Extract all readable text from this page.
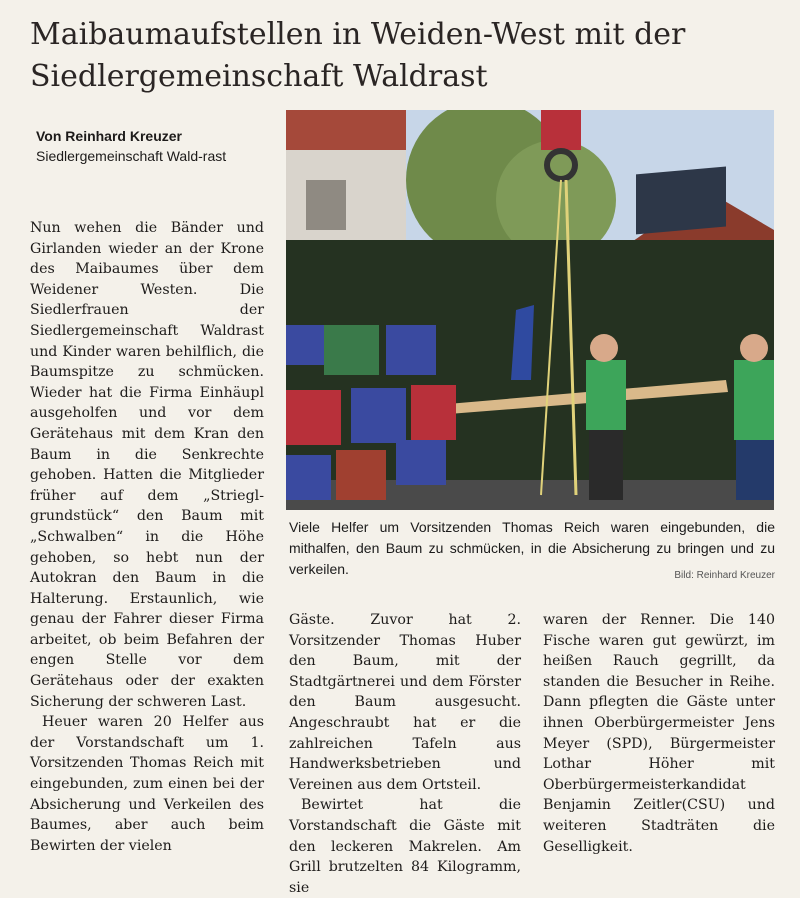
Maibaumaufstellen in Weiden-West mit der Siedlergemeinschaft Waldrast
Von Reinhard Kreuzer
Siedlergemeinschaft Wald-rast

Nun wehen die Bänder und Girlanden wieder an der Krone des Maibaumes über dem Weidener Westen. Die Siedlerfrauen der Siedlergemeinschaft Waldrast und Kinder waren behilflich, die Baumspitze zu schmücken. Wieder hat die Firma Einhäupl ausgeholfen und vor dem Gerätehaus mit dem Kran den Baum in die Senkrechte gehoben. Hatten die Mitglieder früher auf dem „Striegl-grundstück“ den Baum mit „Schwalben“ in die Höhe gehoben, so hebt nun der Autokran den Baum in die Halterung. Erstaunlich, wie genau der Fahrer dieser Firma arbeitet, ob beim Befahren der engen Stelle vor dem Gerätehaus oder der exakten Sicherung der schweren Last.

Heuer waren 20 Helfer aus der Vorstandschaft um 1. Vorsitzenden Thomas Reich mit eingebunden, zum einen bei der Absicherung und Verkeilen des Baumes, aber auch beim Bewirten der vielen

Viele Helfer um Vorsitzenden Thomas Reich waren eingebunden, die mithalfen, den Baum zu schmücken, in die Absicherung zu bringen und zu verkeilen.	Bild: Reinhard Kreuzer

Gäste. Zuvor hat 2. Vorsitzender Thomas Huber den Baum, mit der Stadtgärtnerei und dem Förster den Baum ausgesucht. Angeschraubt hat er die zahlreichen Tafeln aus Handwerksbetrieben und Vereinen aus dem Ortsteil.

Bewirtet hat die Vorstandschaft die Gäste mit den leckeren Makrelen. Am Grill brutzelten 84 Kilogramm, sie

waren der Renner. Die 140 Fische waren gut gewürzt, im heißen Rauch gegrillt, da standen die Besucher in Reihe. Dann pflegten die Gäste unter ihnen Oberbürgermeister Jens Meyer (SPD), Bürgermeister Lothar Höher mit Oberbürgermeisterkandidat Benjamin Zeitler(CSU) und weiteren Stadträten die Geselligkeit.
